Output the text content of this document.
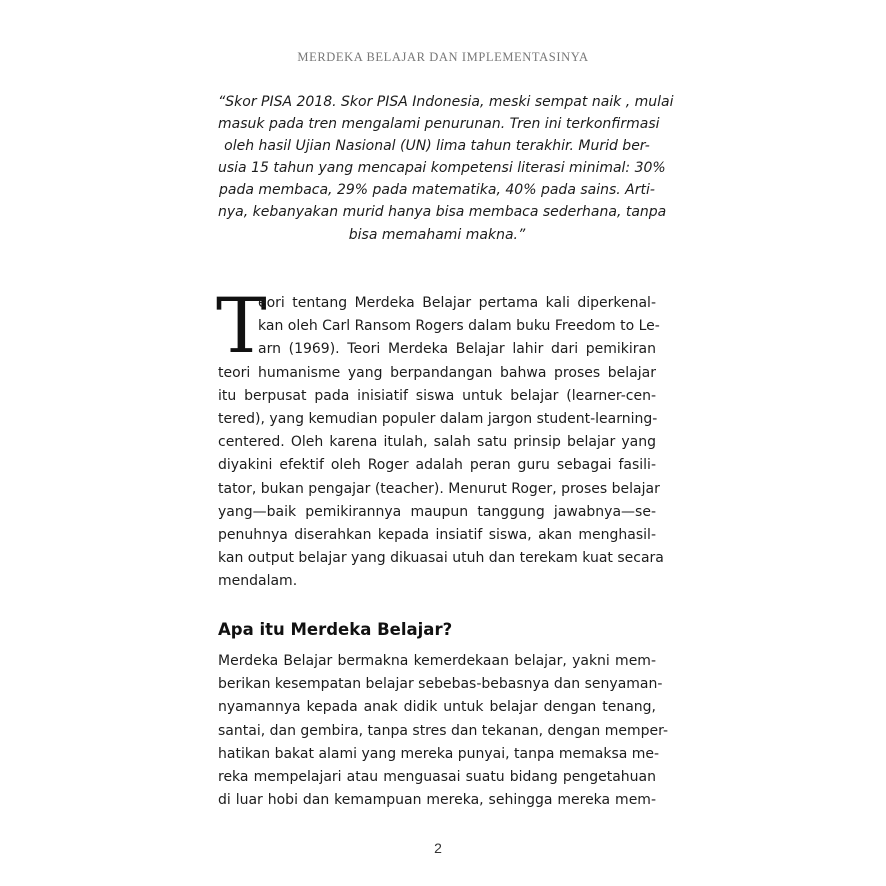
MERDEKA BELAJAR DAN IMPLEMENTASINYA
“Skor PISA 2018. Skor PISA Indonesia, meski sempat naik , mulai
masuk pada tren mengalami penurunan. Tren ini terkonfirmasi
oleh hasil Ujian Nasional (UN) lima tahun terakhir. Murid ber-
usia 15 tahun yang mencapai kompetensi literasi minimal: 30%
pada membaca, 29% pada matematika, 40% pada sains. Arti-
nya, kebanyakan murid hanya bisa membaca sederhana, tanpa
bisa memahami makna.”
T
eori tentang Merdeka Belajar pertama kali diperkenal-
kan oleh Carl Ransom Rogers dalam buku Freedom to Le-
arn (1969). Teori Merdeka Belajar lahir dari pemikiran
teori humanisme yang berpandangan bahwa proses belajar
itu berpusat pada inisiatif siswa untuk belajar (learner-cen-
tered), yang kemudian populer dalam jargon student-learning-
centered. Oleh karena itulah, salah satu prinsip belajar yang
diyakini efektif oleh Roger adalah peran guru sebagai fasili-
tator, bukan pengajar (teacher). Menurut Roger, proses belajar
yang—baik pemikirannya maupun tanggung jawabnya—se-
penuhnya diserahkan kepada insiatif siswa, akan menghasil-
kan output belajar yang dikuasai utuh dan terekam kuat secara
mendalam.
Apa itu Merdeka Belajar?
Merdeka Belajar bermakna kemerdekaan belajar, yakni mem-
berikan kesempatan belajar sebebas-bebasnya dan senyaman-
nyamannya kepada anak didik untuk belajar dengan tenang,
santai, dan gembira, tanpa stres dan tekanan, dengan memper-
hatikan bakat alami yang mereka punyai, tanpa memaksa me-
reka mempelajari atau menguasai suatu bidang pengetahuan
di luar hobi dan kemampuan mereka, sehingga mereka mem-
2
